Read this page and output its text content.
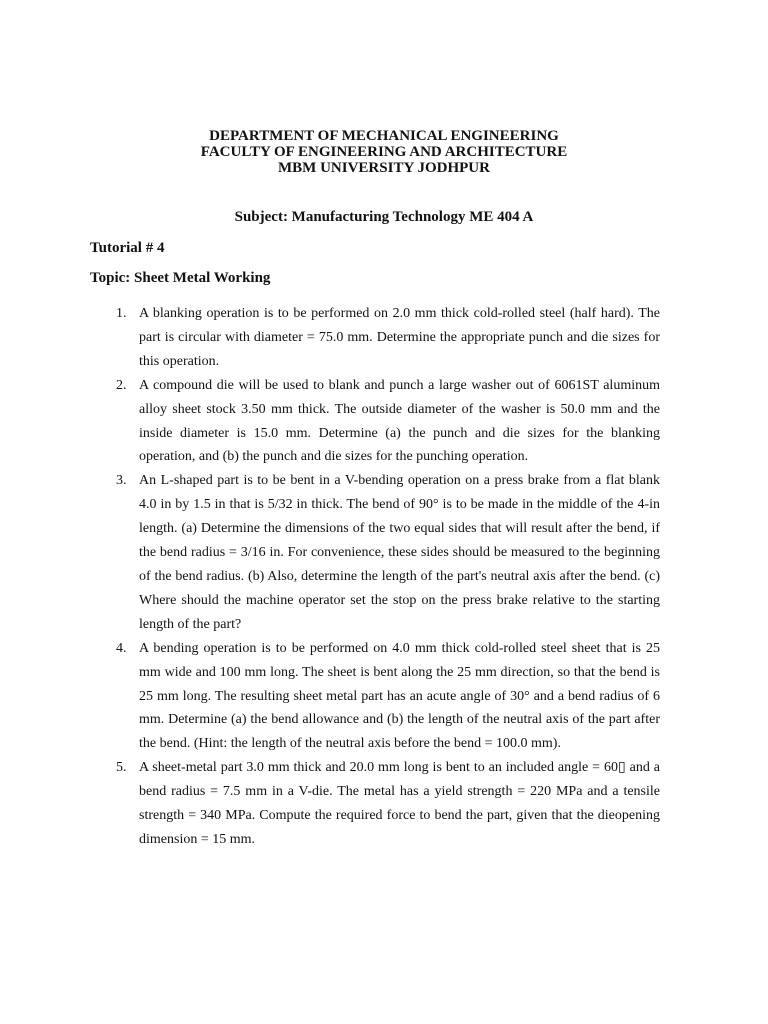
DEPARTMENT OF MECHANICAL ENGINEERING
FACULTY OF ENGINEERING AND ARCHITECTURE
MBM UNIVERSITY JODHPUR
Subject: Manufacturing Technology ME 404 A
Tutorial # 4
Topic: Sheet Metal Working
1. A blanking operation is to be performed on 2.0 mm thick cold-rolled steel (half hard). The part is circular with diameter = 75.0 mm. Determine the appropriate punch and die sizes for this operation.
2. A compound die will be used to blank and punch a large washer out of 6061ST aluminum alloy sheet stock 3.50 mm thick. The outside diameter of the washer is 50.0 mm and the inside diameter is 15.0 mm. Determine (a) the punch and die sizes for the blanking operation, and (b) the punch and die sizes for the punching operation.
3. An L-shaped part is to be bent in a V-bending operation on a press brake from a flat blank 4.0 in by 1.5 in that is 5/32 in thick. The bend of 90° is to be made in the middle of the 4-in length. (a) Determine the dimensions of the two equal sides that will result after the bend, if the bend radius = 3/16 in. For convenience, these sides should be measured to the beginning of the bend radius. (b) Also, determine the length of the part's neutral axis after the bend. (c) Where should the machine operator set the stop on the press brake relative to the starting length of the part?
4. A bending operation is to be performed on 4.0 mm thick cold-rolled steel sheet that is 25 mm wide and 100 mm long. The sheet is bent along the 25 mm direction, so that the bend is 25 mm long. The resulting sheet metal part has an acute angle of 30° and a bend radius of 6 mm. Determine (a) the bend allowance and (b) the length of the neutral axis of the part after the bend. (Hint: the length of the neutral axis before the bend = 100.0 mm).
5. A sheet-metal part 3.0 mm thick and 20.0 mm long is bent to an included angle = 60▯ and a bend radius = 7.5 mm in a V-die. The metal has a yield strength = 220 MPa and a tensile strength = 340 MPa. Compute the required force to bend the part, given that the dieopening dimension = 15 mm.
